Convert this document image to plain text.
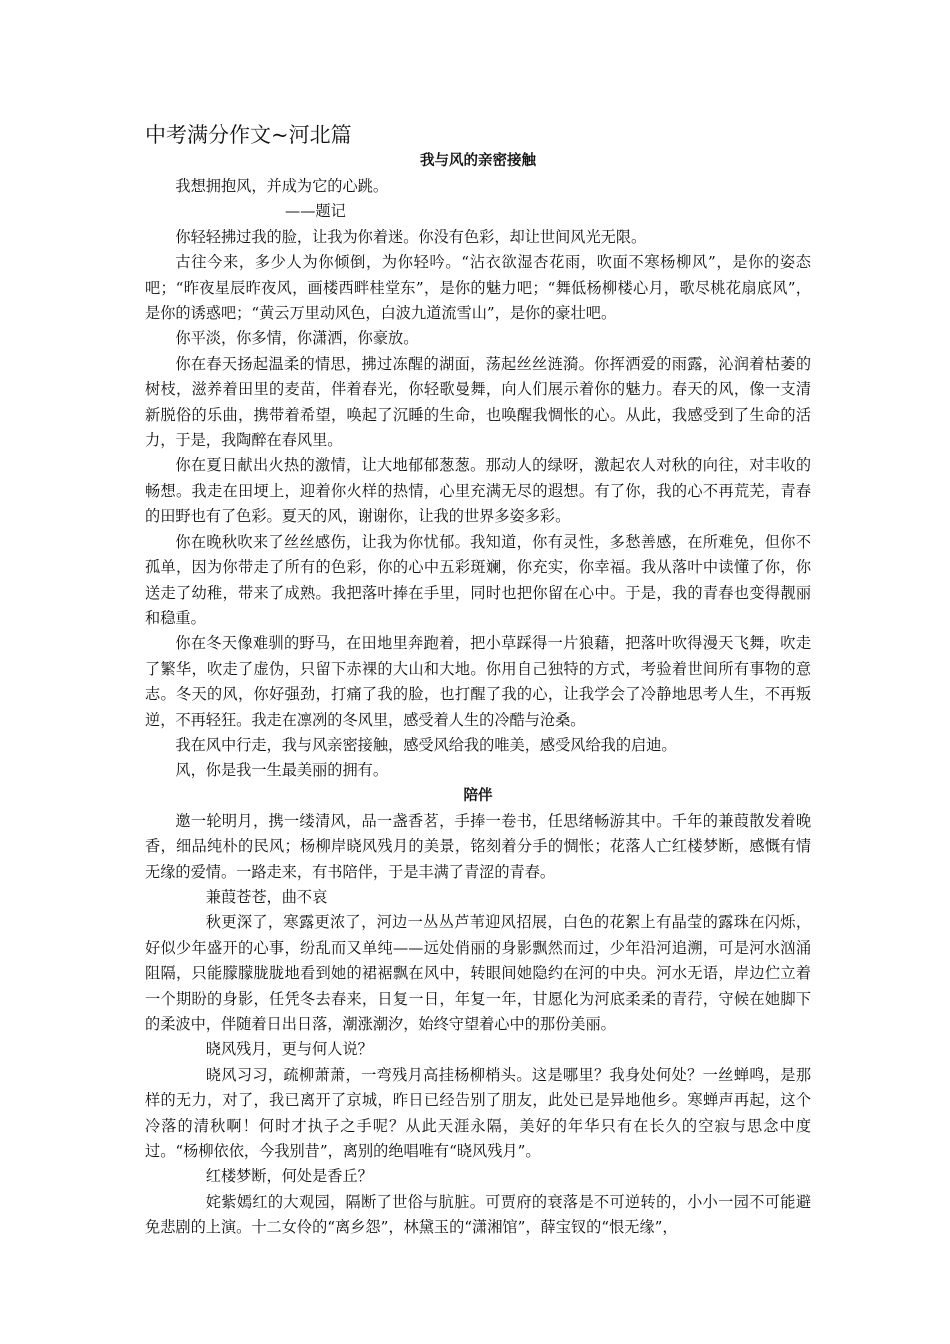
中考满分作文~河北篇
我与风的亲密接触

我想拥抱风，并成为它的心跳。

——题记

你轻轻拂过我的脸，让我为你着迷。你没有色彩，却让世间风光无限。

古往今来，多少人为你倾倒，为你轻吟。“沾衣欲湿杏花雨，吹面不寒杨柳风”，是你的姿态吧；“昨夜星辰昨夜风，画楼西畔桂堂东”，是你的魅力吧；“舞低杨柳楼心月，歌尽桃花扇底风”，是你的诱惑吧；“黄云万里动风色，白波九道流雪山”，是你的豪壮吧。

你平淡，你多情，你潇洒，你豪放。

你在春天扬起温柔的情思，拂过冻醒的湖面，荡起丝丝涟漪。你挥洒爱的雨露，沁润着枯萎的树枝，滋养着田里的麦苗，伴着春光，你轻歌曼舞，向人们展示着你的魅力。春天的风，像一支清新脱俗的乐曲，携带着希望，唤起了沉睡的生命，也唤醒我惆怅的心。从此，我感受到了生命的活力，于是，我陶醉在春风里。

你在夏日献出火热的激情，让大地郁郁葱葱。那动人的绿呀，激起农人对秋的向往，对丰收的畅想。我走在田埂上，迎着你火样的热情，心里充满无尽的遐想。有了你，我的心不再荒芜，青春的田野也有了色彩。夏天的风，谢谢你，让我的世界多姿多彩。

你在晚秋吹来了丝丝感伤，让我为你忧郁。我知道，你有灵性，多愁善感，在所难免，但你不孤单，因为你带走了所有的色彩，你的心中五彩斑斓，你充实，你幸福。我从落叶中读懂了你，你送走了幼稚，带来了成熟。我把落叶捧在手里，同时也把你留在心中。于是，我的青春也变得靓丽和稳重。

你在冬天像难驯的野马，在田地里奔跑着，把小草踩得一片狼藉，把落叶吹得漫天飞舞，吹走了繁华，吹走了虚伪，只留下赤裸的大山和大地。你用自己独特的方式，考验着世间所有事物的意志。冬天的风，你好强劲，打痛了我的脸，也打醒了我的心，让我学会了冷静地思考人生，不再叛逆，不再轻狂。我走在凛冽的冬风里，感受着人生的冷酷与沧桑。

我在风中行走，我与风亲密接触，感受风给我的唯美，感受风给我的启迪。

风，你是我一生最美丽的拥有。

陪伴

邀一轮明月，携一缕清风，品一盏香茗，手捧一卷书，任思绪畅游其中。千年的兼葭散发着晚香，细品纯朴的民风；杨柳岸晓风残月的美景，铭刻着分手的惆怅；花落人亡红楼梦断，感慨有情无缘的爱情。一路走来，有书陪伴，于是丰满了青涩的青春。

兼葭苍苍，曲不哀

秋更深了，寒露更浓了，河边一丛丛芦苇迎风招展，白色的花絮上有晶莹的露珠在闪烁，好似少年盛开的心事，纷乱而又单纯——远处俏丽的身影飘然而过，少年沿河追溯，可是河水汹涌阻隔，只能朦朦胧胧地看到她的裙裾飘在风中，转眼间她隐约在河的中央。河水无语，岸边伫立着一个期盼的身影，任凭冬去春来，日复一日，年复一年，甘愿化为河底柔柔的青荇，守候在她脚下的柔波中，伴随着日出日落，潮涨潮汐，始终守望着心中的那份美丽。

晓风残月，更与何人说？

晓风习习，疏柳萧萧，一弯残月高挂杨柳梢头。这是哪里？我身处何处？一丝蝉鸣，是那样的无力，对了，我已离开了京城，昨日已经告别了朋友，此处已是异地他乡。寒蝉声再起，这个冷落的清秋啊！何时才执子之手呢？从此天涯永隔，美好的年华只有在长久的空寂与思念中度过。“杨柳依依，今我别昔”，离别的绝唱唯有“晓风残月”。

红楼梦断，何处是香丘？

姹紫嫣红的大观园，隔断了世俗与肮脏。可贾府的衰落是不可逆转的，小小一园不可能避免悲剧的上演。十二女伶的“离乡怨”，林黛玉的“潇湘馆”，薛宝钗的“恨无缘”，
